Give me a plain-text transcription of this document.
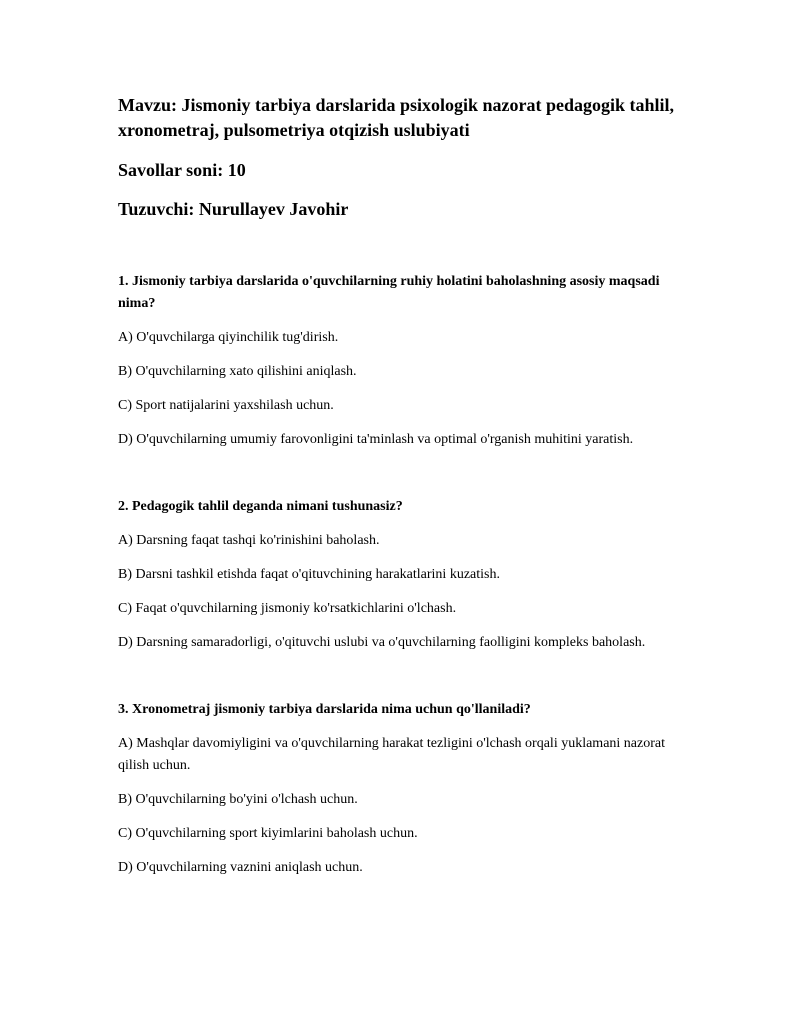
Mavzu: Jismoniy tarbiya darslarida psixologik nazorat pedagogik tahlil, xronometraj, pulsometriya otqizish uslubiyati

Savollar soni: 10

Tuzuvchi: Nurullayev Javohir

1. Jismoniy tarbiya darslarida o'quvchilarning ruhiy holatini baholashning asosiy maqsadi nima?

A) O'quvchilarga qiyinchilik tug'dirish.

B) O'quvchilarning xato qilishini aniqlash.

C) Sport natijalarini yaxshilash uchun.

D) O'quvchilarning umumiy farovonligini ta'minlash va optimal o'rganish muhitini yaratish.

2. Pedagogik tahlil deganda nimani tushunasiz?

A) Darsning faqat tashqi ko'rinishini baholash.

B) Darsni tashkil etishda faqat o'qituvchining harakatlarini kuzatish.

C) Faqat o'quvchilarning jismoniy ko'rsatkichlarini o'lchash.

D) Darsning samaradorligi, o'qituvchi uslubi va o'quvchilarning faolligini kompleks baholash.

3. Xronometraj jismoniy tarbiya darslarida nima uchun qo'llaniladi?

A) Mashqlar davomiyligini va o'quvchilarning harakat tezligini o'lchash orqali yuklamani nazorat qilish uchun.

B) O'quvchilarning bo'yini o'lchash uchun.

C) O'quvchilarning sport kiyimlarini baholash uchun.

D) O'quvchilarning vaznini aniqlash uchun.
